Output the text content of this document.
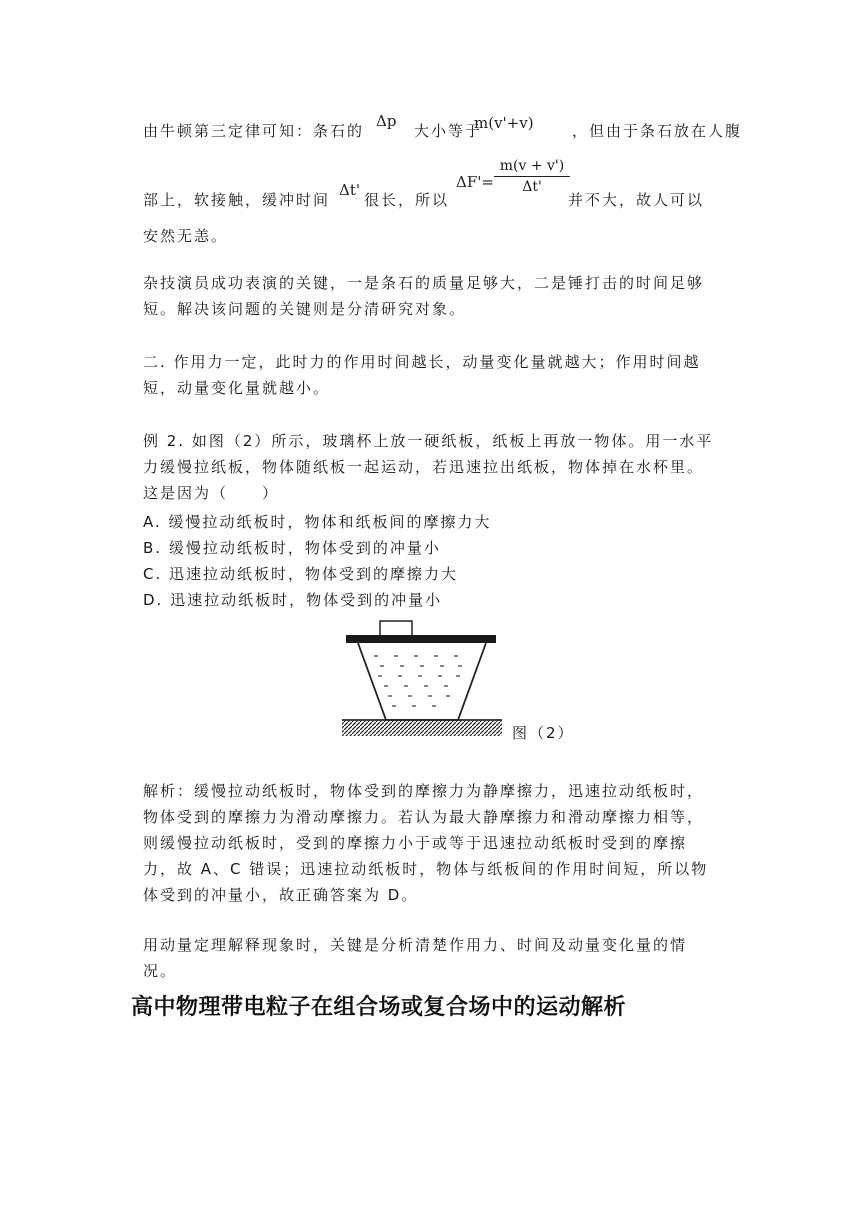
由牛顿第三定律可知：条石的	大小等于	，但由于条石放在人腹
Δp	m(v'+v)
部上，软接触，缓冲时间 很长，所以
Δt'	$\Delta F'= \frac{m(v + v')}{\Delta t'}$
并不大，故人可以
安然无恙。

杂技演员成功表演的关键，一是条石的质量足够大，二是锤打击的时间足够短。解决该问题的关键则是分清研究对象。

二. 作用力一定，此时力的作用时间越长，动量变化量就越大；作用时间越短，动量变化量就越小。

例 2. 如图（2）所示，玻璃杯上放一硬纸板，纸板上再放一物体。用一水平力缓慢拉纸板，物体随纸板一起运动，若迅速拉出纸板，物体掉在水杯里。这是因为（　　）

A. 缓慢拉动纸板时，物体和纸板间的摩擦力大
B. 缓慢拉动纸板时，物体受到的冲量小
C. 迅速拉动纸板时，物体受到的摩擦力大
D. 迅速拉动纸板时，物体受到的冲量小
图（2）

解析：缓慢拉动纸板时，物体受到的摩擦力为静摩擦力，迅速拉动纸板时，物体受到的摩擦力为滑动摩擦力。若认为最大静摩擦力和滑动摩擦力相等，则缓慢拉动纸板时，受到的摩擦力小于或等于迅速拉动纸板时受到的摩擦力，故 A、C 错误；迅速拉动纸板时，物体与纸板间的作用时间短，所以物体受到的冲量小，故正确答案为 D。

用动量定理解释现象时，关键是分析清楚作用力、时间及动量变化量的情况。

高中物理带电粒子在组合场或复合场中的运动解析
